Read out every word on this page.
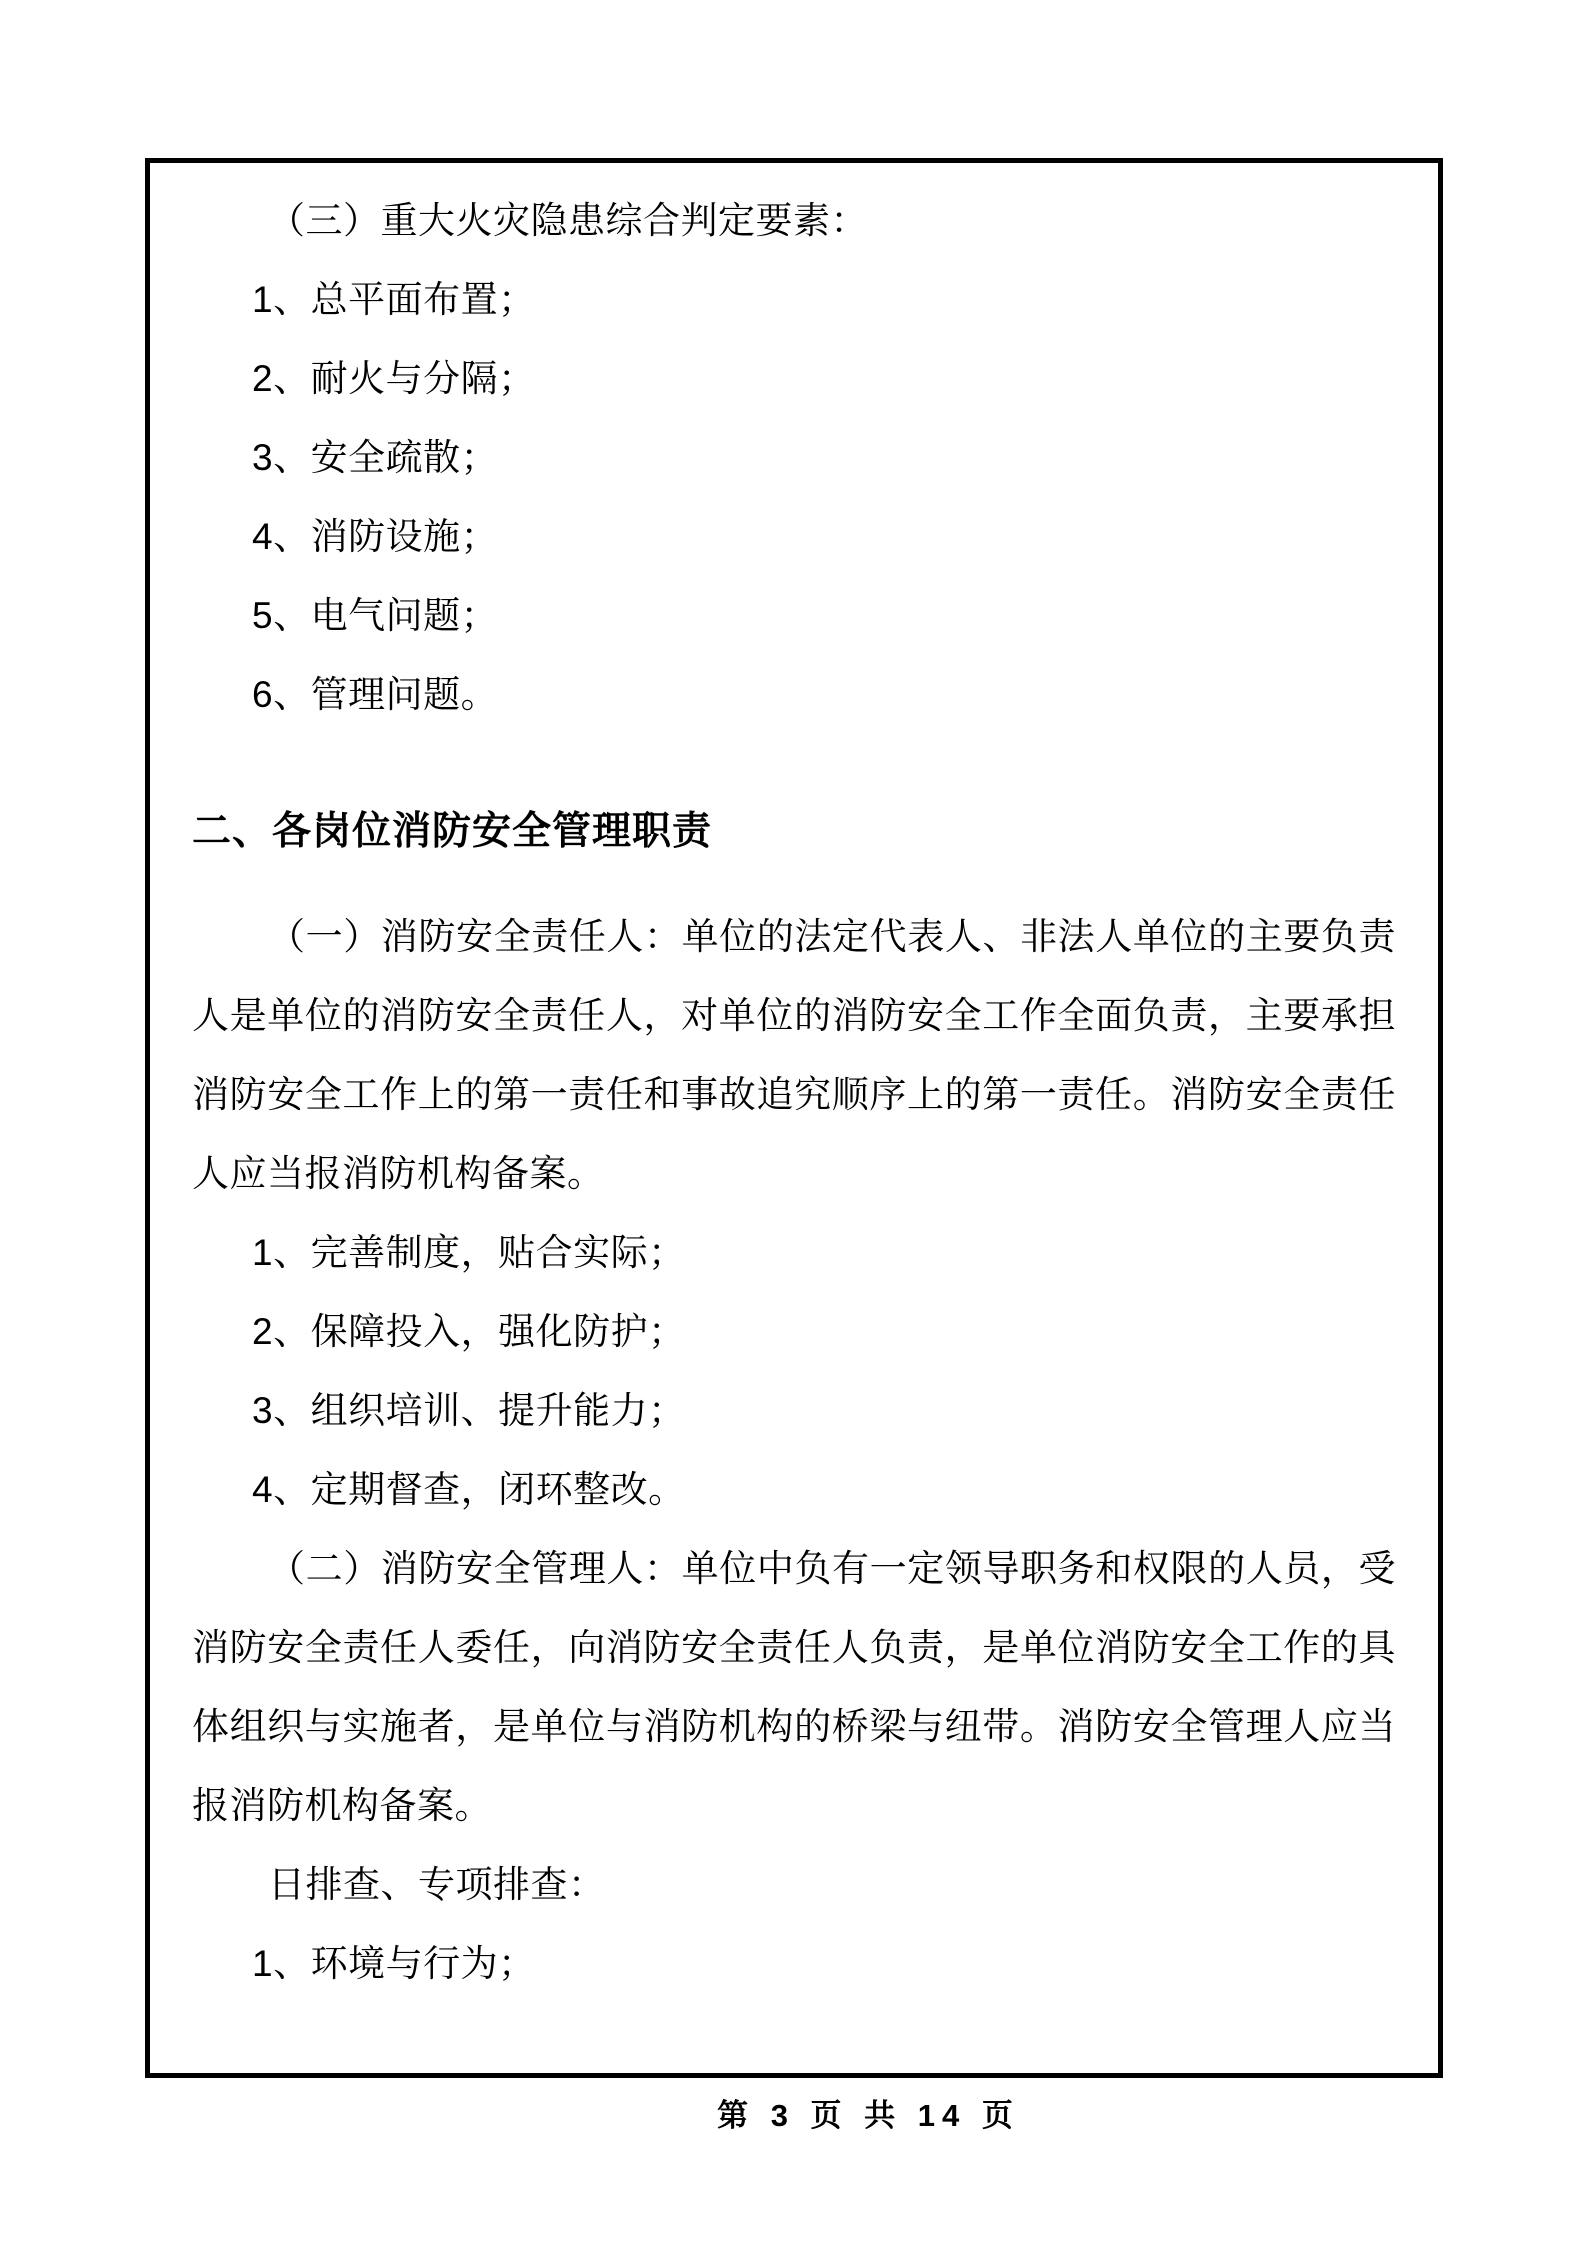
（三）重大火灾隐患综合判定要素：

1、总平面布置；

2、耐火与分隔；

3、安全疏散；

4、消防设施；

5、电气问题；

6、管理问题。

二、各岗位消防安全管理职责

（一）消防安全责任人：单位的法定代表人、非法人单位的主要负责人是单位的消防安全责任人，对单位的消防安全工作全面负责，主要承担消防安全工作上的第一责任和事故追究顺序上的第一责任。消防安全责任人应当报消防机构备案。

1、完善制度，贴合实际；

2、保障投入，强化防护；

3、组织培训、提升能力；

4、定期督查，闭环整改。

（二）消防安全管理人：单位中负有一定领导职务和权限的人员，受消防安全责任人委任，向消防安全责任人负责，是单位消防安全工作的具体组织与实施者，是单位与消防机构的桥梁与纽带。消防安全管理人应当报消防机构备案。

日排查、专项排查：

1、环境与行为；

第 3 页 共 14 页
